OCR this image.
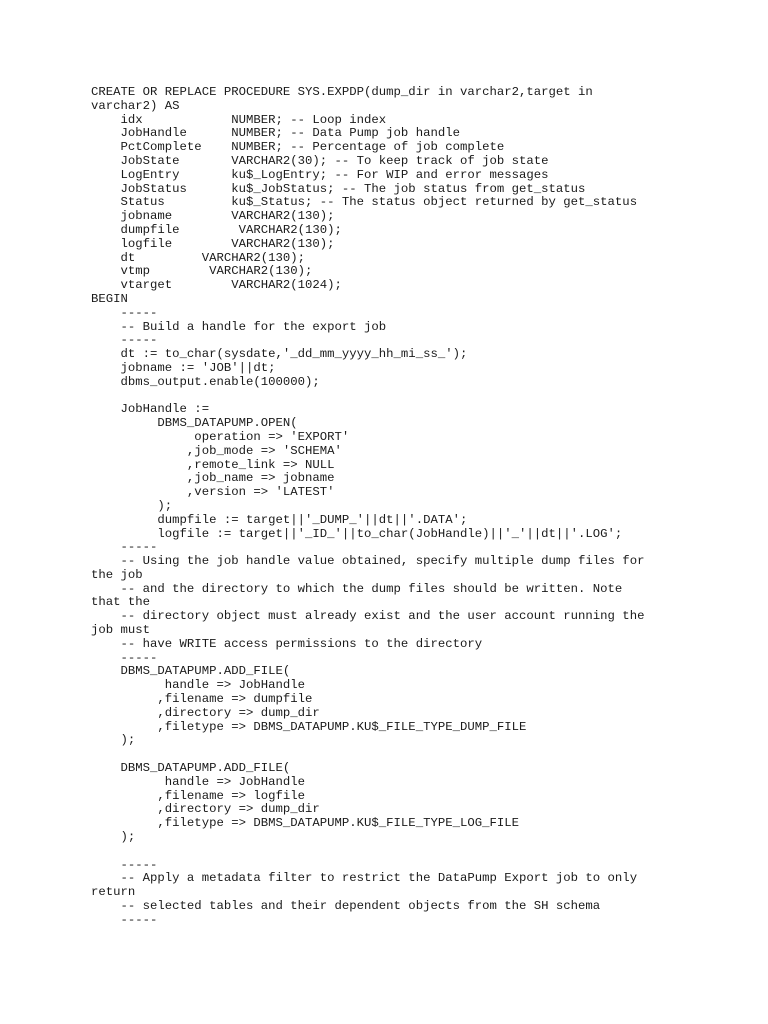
CREATE OR REPLACE PROCEDURE SYS.EXPDP(dump_dir in varchar2,target in
varchar2) AS
idx            NUMBER; -- Loop index
JobHandle      NUMBER; -- Data Pump job handle
PctComplete    NUMBER; -- Percentage of job complete
JobState       VARCHAR2(30); -- To keep track of job state
LogEntry       ku$_LogEntry; -- For WIP and error messages
JobStatus      ku$_JobStatus; -- The job status from get_status
Status         ku$_Status; -- The status object returned by get_status
jobname        VARCHAR2(130);
dumpfile        VARCHAR2(130);
logfile        VARCHAR2(130);
dt         VARCHAR2(130);
vtmp        VARCHAR2(130);
vtarget        VARCHAR2(1024);
BEGIN
-----
-- Build a handle for the export job
-----
dt := to_char(sysdate,'_dd_mm_yyyy_hh_mi_ss_');
jobname := 'JOB'||dt;
dbms_output.enable(100000);
JobHandle :=
DBMS_DATAPUMP.OPEN(
operation => 'EXPORT'
,job_mode => 'SCHEMA'
,remote_link => NULL
,job_name => jobname
,version => 'LATEST'
);
dumpfile := target||'_DUMP_'||dt||'.DATA';
logfile := target||'_ID_'||to_char(JobHandle)||'_'||dt||'.LOG';
-----
-- Using the job handle value obtained, specify multiple dump files for
the job
-- and the directory to which the dump files should be written. Note
that the
-- directory object must already exist and the user account running the
job must
-- have WRITE access permissions to the directory
-----
DBMS_DATAPUMP.ADD_FILE(
handle => JobHandle
,filename => dumpfile
,directory => dump_dir
,filetype => DBMS_DATAPUMP.KU$_FILE_TYPE_DUMP_FILE
);
DBMS_DATAPUMP.ADD_FILE(
handle => JobHandle
,filename => logfile
,directory => dump_dir
,filetype => DBMS_DATAPUMP.KU$_FILE_TYPE_LOG_FILE
);
-----
-- Apply a metadata filter to restrict the DataPump Export job to only
return
-- selected tables and their dependent objects from the SH schema
-----
